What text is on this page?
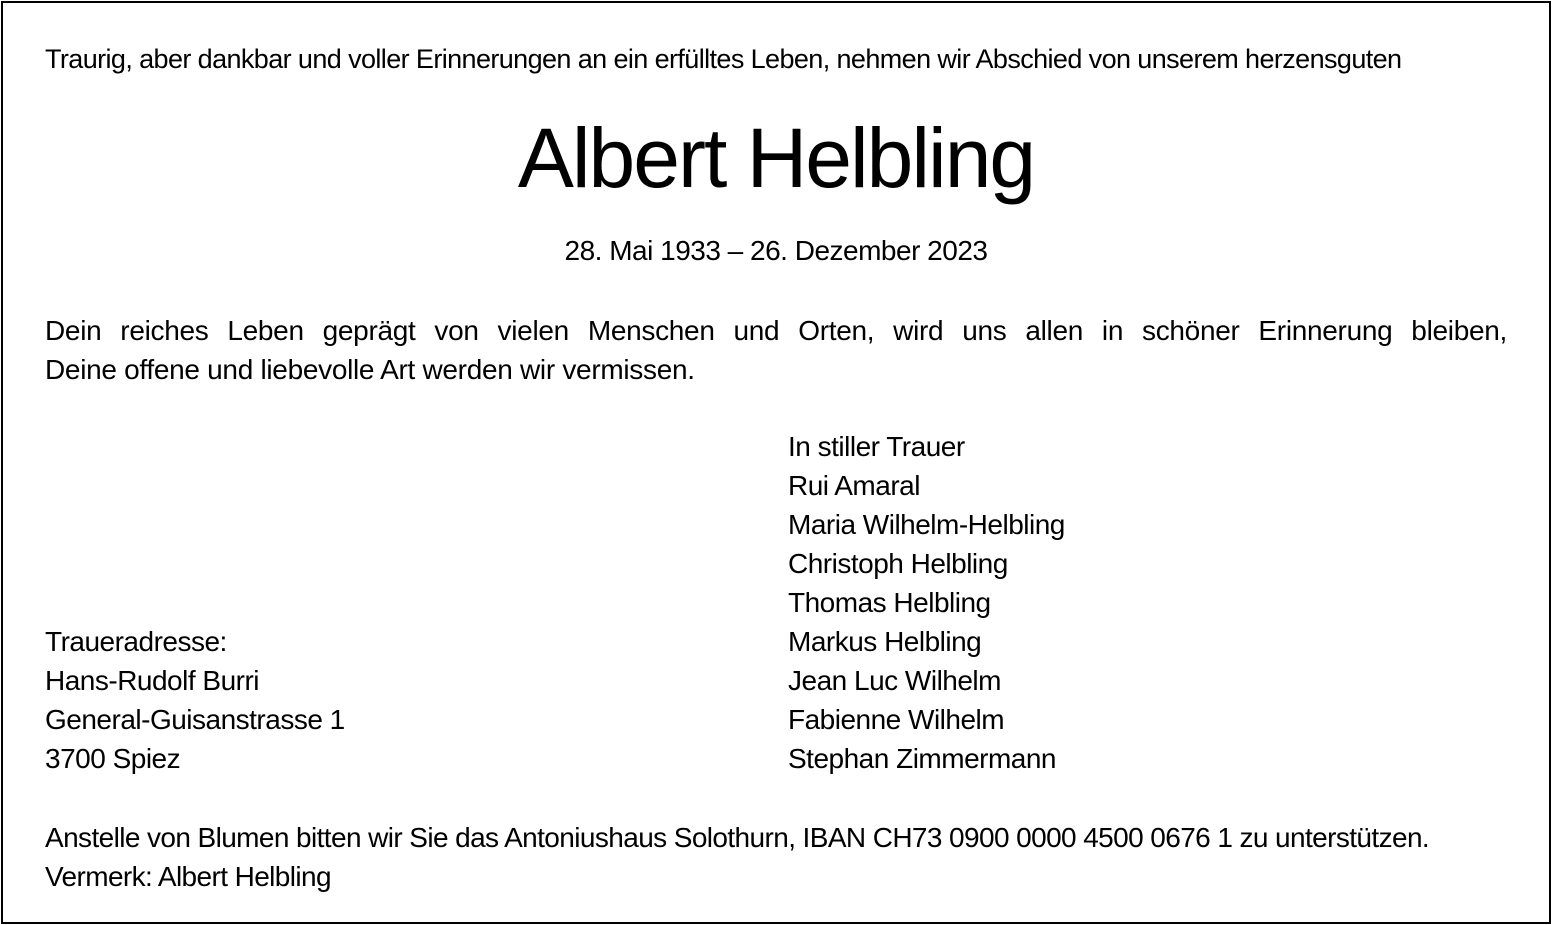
Traurig, aber dankbar und voller Erinnerungen an ein erfülltes Leben, nehmen wir Abschied von unserem herzensguten
Albert Helbling
28. Mai 1933 – 26. Dezember 2023
Dein reiches Leben geprägt von vielen Menschen und Orten, wird uns allen in schöner Erinnerung bleiben,
Deine offene und liebevolle Art werden wir vermissen.
In stiller Trauer
Rui Amaral
Maria Wilhelm-Helbling
Christoph Helbling
Thomas Helbling
Markus Helbling
Jean Luc Wilhelm
Fabienne Wilhelm
Stephan Zimmermann
Traueradresse:
Hans-Rudolf Burri
General-Guisanstrasse 1
3700 Spiez
Anstelle von Blumen bitten wir Sie das Antoniushaus Solothurn, IBAN CH73 0900 0000 4500 0676 1 zu unterstützen.
Vermerk: Albert Helbling
